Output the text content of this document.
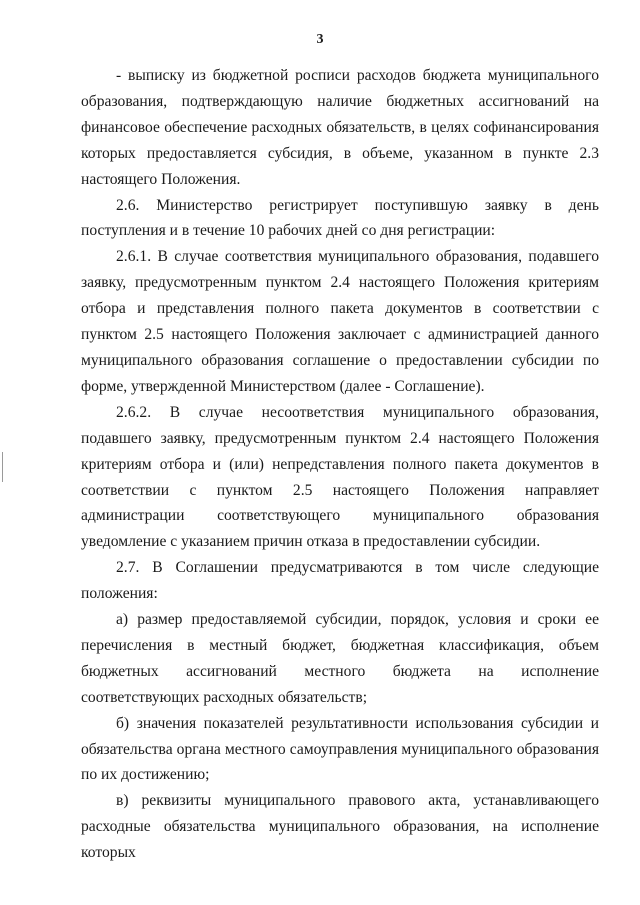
3

- выписку из бюджетной росписи расходов бюджета муниципального образования, подтверждающую наличие бюджетных ассигнований на финансовое обеспечение расходных обязательств, в целях софинансирования которых предоставляется субсидия, в объеме, указанном в пункте 2.3 настоящего Положения.

2.6. Министерство регистрирует поступившую заявку в день поступления и в течение 10 рабочих дней со дня регистрации:

2.6.1. В случае соответствия муниципального образования, подавшего заявку, предусмотренным пунктом 2.4 настоящего Положения критериям отбора и представления полного пакета документов в соответствии с пунктом 2.5 настоящего Положения заключает с администрацией данного муниципального образования соглашение о предоставлении субсидии по форме, утвержденной Министерством (далее - Соглашение).

2.6.2. В случае несоответствия муниципального образования, подавшего заявку, предусмотренным пунктом 2.4 настоящего Положения критериям отбора и (или) непредставления полного пакета документов в соответствии с пунктом 2.5 настоящего Положения направляет администрации соответствующего муниципального образования уведомление с указанием причин отказа в предоставлении субсидии.

2.7. В Соглашении предусматриваются в том числе следующие положения:

а) размер предоставляемой субсидии, порядок, условия и сроки ее перечисления в местный бюджет, бюджетная классификация, объем бюджетных ассигнований местного бюджета на исполнение соответствующих расходных обязательств;

б) значения показателей результативности использования субсидии и обязательства органа местного самоуправления муниципального образования по их достижению;

в) реквизиты муниципального правового акта, устанавливающего расходные обязательства муниципального образования, на исполнение которых
